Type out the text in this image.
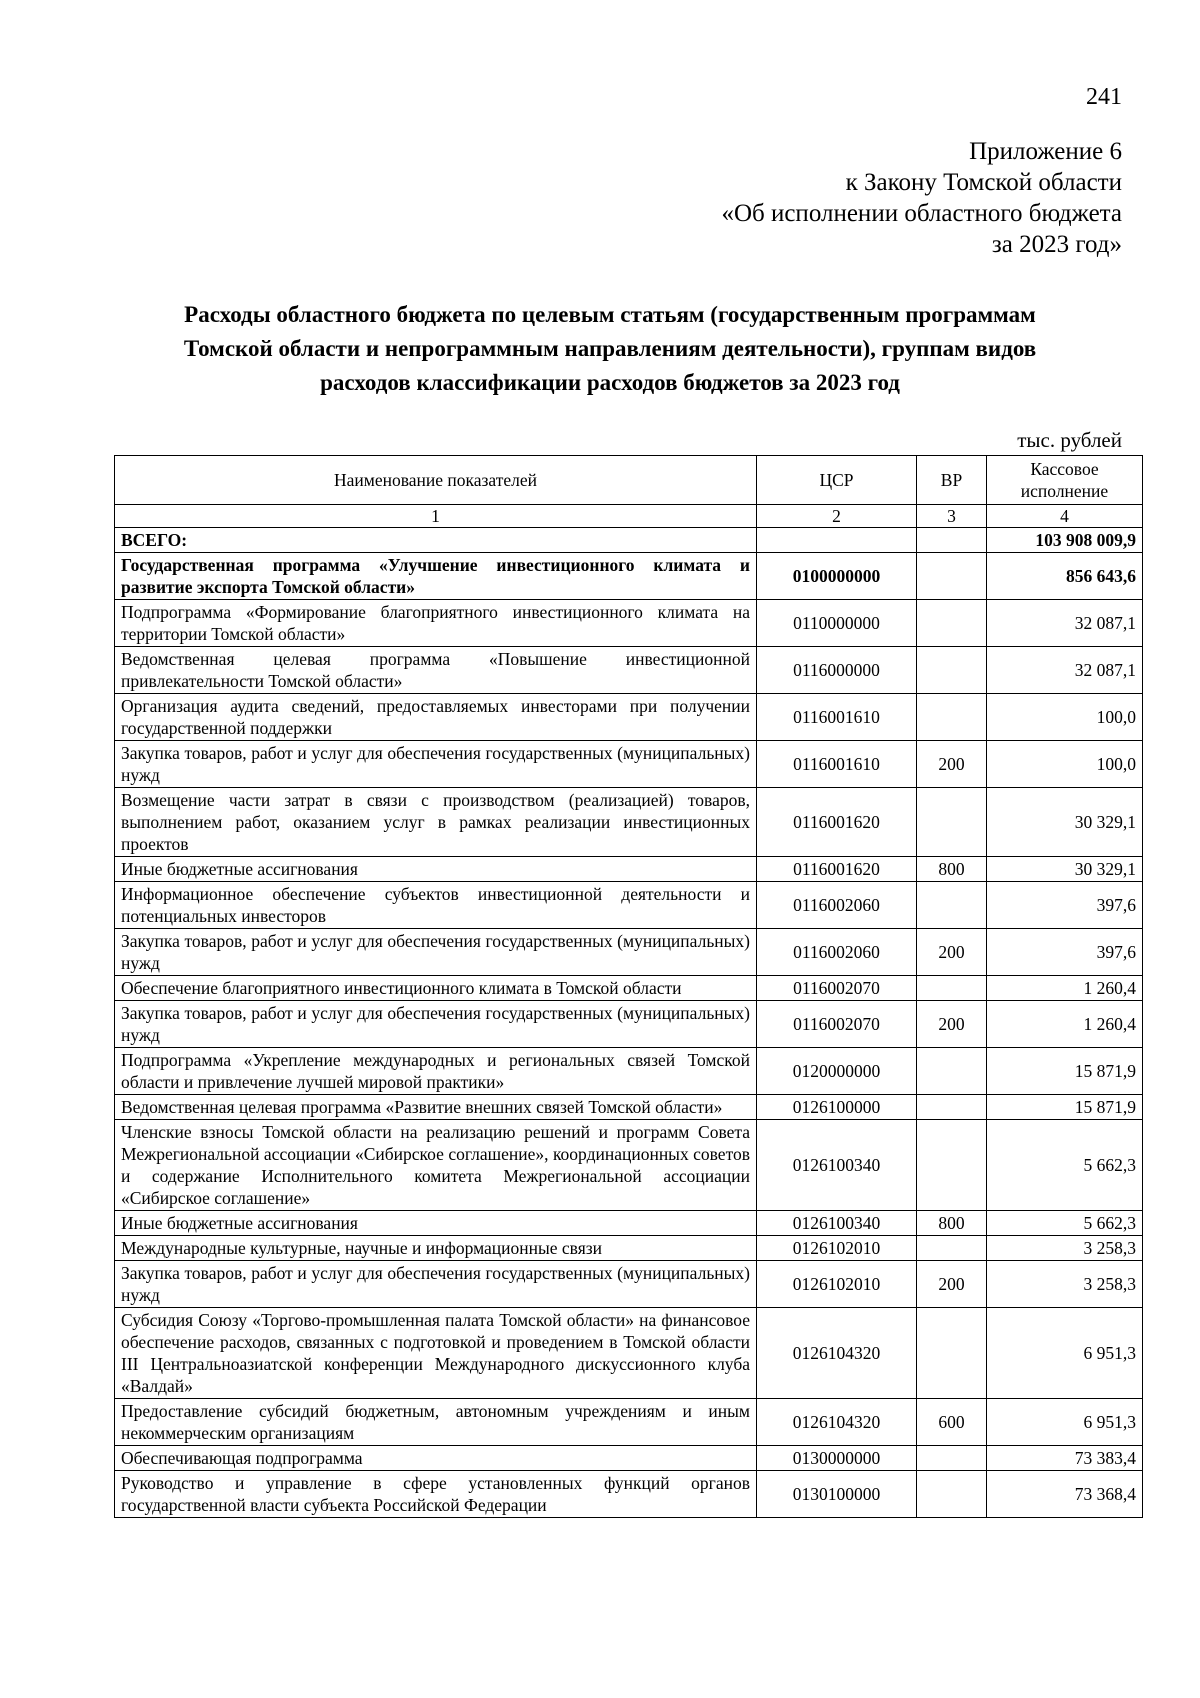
241
Приложение 6
к Закону Томской области
«Об исполнении областного бюджета
за 2023 год»
Расходы областного бюджета по целевым статьям (государственным программам
Томской области и непрограммным направлениям деятельности), группам видов
расходов классификации расходов бюджетов за 2023 год
тыс. рублей
Наименование показателей	ЦСР	ВР	Кассовое исполнение
1	2	3	4
ВСЕГО:			103 908 009,9
Государственная программа «Улучшение инвестиционного климата и развитие экспорта Томской области»	0100000000		856 643,6
Подпрограмма «Формирование благоприятного инвестиционного климата на территории Томской области»	0110000000		32 087,1
Ведомственная целевая программа «Повышение инвестиционной привлекательности Томской области»	0116000000		32 087,1
Организация аудита сведений, предоставляемых инвесторами при получении государственной поддержки	0116001610		100,0
Закупка товаров, работ и услуг для обеспечения государственных (муниципальных) нужд	0116001610	200	100,0
Возмещение части затрат в связи с производством (реализацией) товаров, выполнением работ, оказанием услуг в рамках реализации инвестиционных проектов	0116001620		30 329,1
Иные бюджетные ассигнования	0116001620	800	30 329,1
Информационное обеспечение субъектов инвестиционной деятельности и потенциальных инвесторов	0116002060		397,6
Закупка товаров, работ и услуг для обеспечения государственных (муниципальных) нужд	0116002060	200	397,6
Обеспечение благоприятного инвестиционного климата в Томской области	0116002070		1 260,4
Закупка товаров, работ и услуг для обеспечения государственных (муниципальных) нужд	0116002070	200	1 260,4
Подпрограмма «Укрепление международных и региональных связей Томской области и привлечение лучшей мировой практики»	0120000000		15 871,9
Ведомственная целевая программа «Развитие внешних связей Томской области»	0126100000		15 871,9
Членские взносы Томской области на реализацию решений и программ Совета Межрегиональной ассоциации «Сибирское соглашение», координационных советов и содержание Исполнительного комитета Межрегиональной ассоциации «Сибирское соглашение»	0126100340		5 662,3
Иные бюджетные ассигнования	0126100340	800	5 662,3
Международные культурные, научные и информационные связи	0126102010		3 258,3
Закупка товаров, работ и услуг для обеспечения государственных (муниципальных) нужд	0126102010	200	3 258,3
Субсидия Союзу «Торгово-промышленная палата Томской области» на финансовое обеспечение расходов, связанных с подготовкой и проведением в Томской области III Центральноазиатской конференции Международного дискуссионного клуба «Валдай»	0126104320		6 951,3
Предоставление субсидий бюджетным, автономным учреждениям и иным некоммерческим организациям	0126104320	600	6 951,3
Обеспечивающая подпрограмма	0130000000		73 383,4
Руководство и управление в сфере установленных функций органов государственной власти субъекта Российской Федерации	0130100000		73 368,4
